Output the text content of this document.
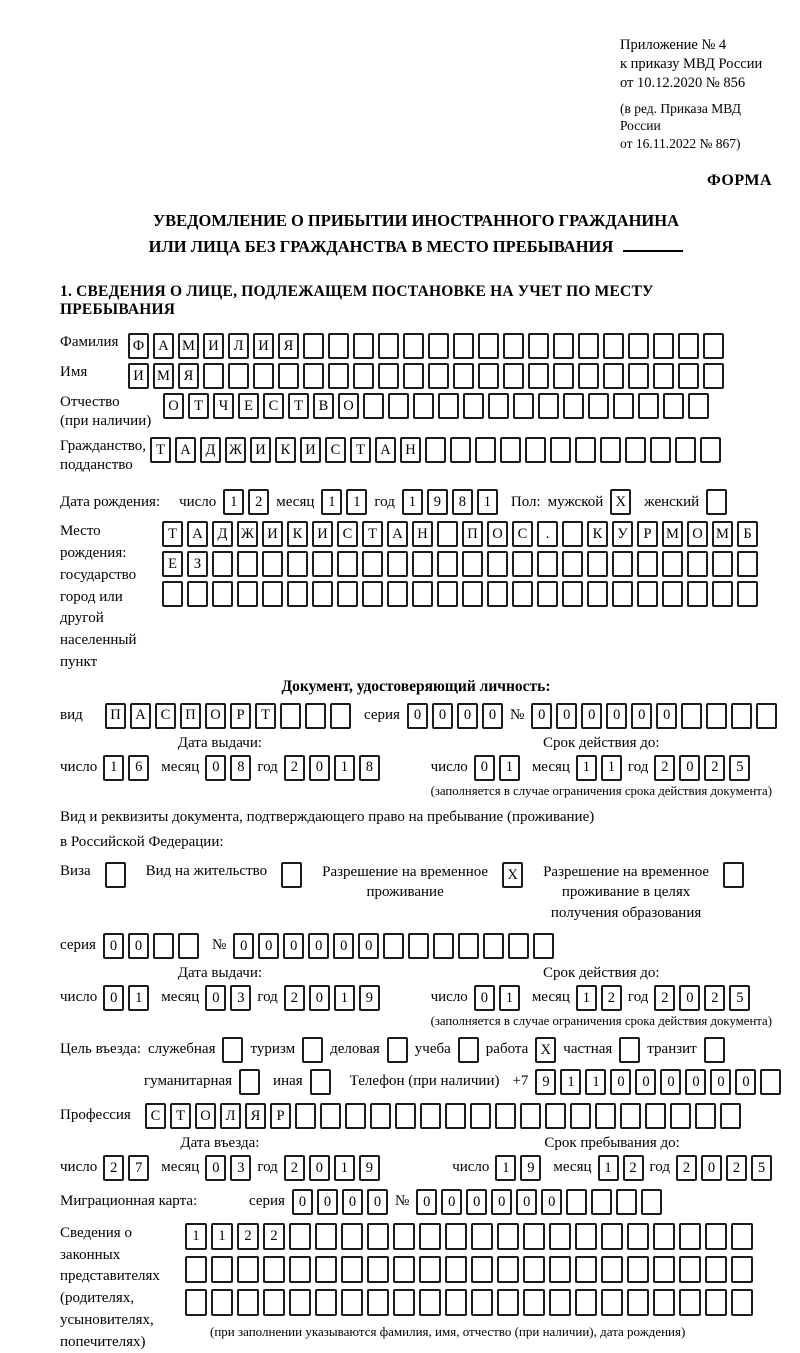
Приложение № 4
к приказу МВД России
от 10.12.2020 № 856
(в ред. Приказа МВД России
от 16.11.2022 № 867)
ФОРМА
УВЕДОМЛЕНИЕ О ПРИБЫТИИ ИНОСТРАННОГО ГРАЖДАНИНА
ИЛИ ЛИЦА БЕЗ ГРАЖДАНСТВА В МЕСТО ПРЕБЫВАНИЯ
1. СВЕДЕНИЯ О ЛИЦЕ, ПОДЛЕЖАЩЕМ ПОСТАНОВКЕ НА УЧЕТ ПО МЕСТУ ПРЕБЫВАНИЯ
Фамилия Ф А М И	Л	И	Я
Имя	И М Я
Отчество
(при наличии)
О	Т	Ч	Е	С	Т	В	О
Гражданство,
подданство
Т	А	Д Ж И	К	И	С	Т	А	Н
Дата рождения: число 1	2 месяц 1	1 год 1	9	8	1	Пол: мужской X	женский
Место рождения:
государство
город или другой
населенный пункт
Т	А	Д Ж И	К	И	С	Т	А	Н	П	О	С	.	К	У	Р	М О М Б
Е	З
Документ, удостоверяющий личность:
вид	П	А	С	П	О	Р	Т	серия 0	0	0	0 № 0	0	0	0	0	0
Дата выдачи:
число 1	6	месяц 0	8 год 2	0	1	8
Срок действия до:
число 0	1	месяц 1	1 год 2	0	2	5
(заполняется в случае ограничения срока действия документа)
Вид и реквизиты документа, подтверждающего право на пребывание (проживание)
в Российской Федерации:
Виза	Вид на жительство	Разрешение на временное
проживание
X	Разрешение на временное
проживание в целях
получения образования
серия 0	0	№ 0	0	0	0	0	0
Дата выдачи:
число 0	1	месяц 0	3 год 2	0	1	9
Срок действия до:
число 0	1	месяц 1	2 год 2	0	2	5
(заполняется в случае ограничения срока действия документа)
Цель въезда: служебная туризм деловая учеба работа X частная транзит
гуманитарная	иная	Телефон (при наличии) +7 9	1	1	0	0	0	0	0	0
Профессия	С	Т	О	Л	Я	Р
Дата въезда:
число 2	7	месяц 0	3 год 2	0	1	9
Срок пребывания до:
число 1	9	месяц 1	2 год 2	0	2	5
Миграционная карта:	серия 0	0	0	0 № 0	0	0	0	0	0
Сведения о
законных
представителях
(родителях,
усыновителях,
попечителях)
1	1	2	2
(при заполнении указываются фамилия, имя, отчество (при наличии), дата рождения)
